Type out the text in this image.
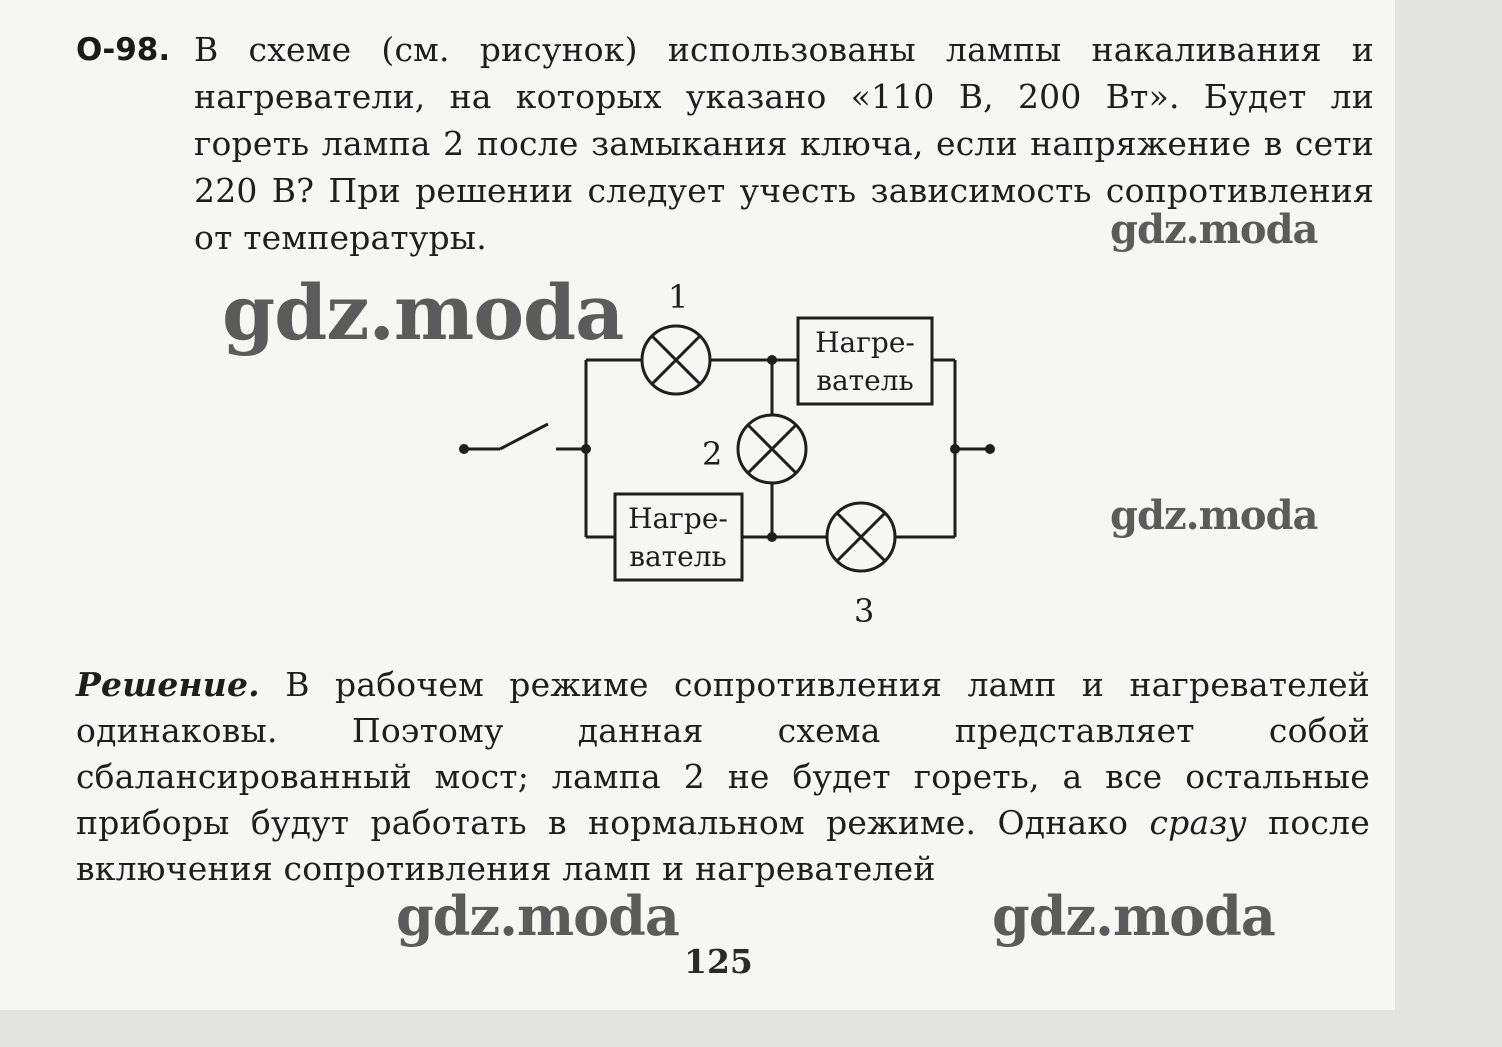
О-98. В схеме (см. рисунок) использованы лампы накаливания и нагреватели, на которых указано «110 В, 200 Вт». Будет ли гореть лампа 2 после замыкания ключа, если напряжение в сети 220 В? При решении следует учесть зависимость сопротивления от температуры.
1
2
3
Нагре-
ватель
Нагре-
ватель
Решение. В рабочем режиме сопротивления ламп и нагревателей одинаковы. Поэтому данная схема представляет собой сбалансированный мост; лампа 2 не будет гореть, а все остальные приборы будут работать в нормальном режиме. Однако сразу после включения сопротивления ламп и нагревателей
125
gdz.moda
gdz.moda
gdz.moda
gdz.moda	gdz.moda
